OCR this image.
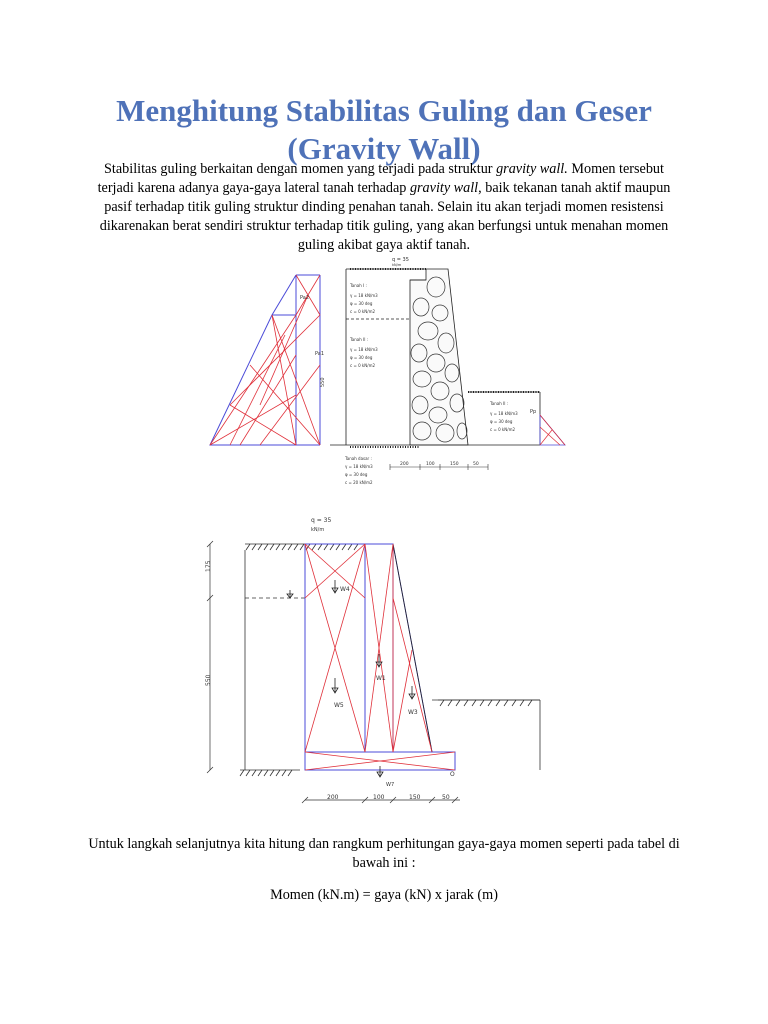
Menghitung Stabilitas Guling dan Geser
(Gravity Wall)
Stabilitas guling berkaitan dengan momen yang terjadi pada struktur gravity wall. Momen tersebut terjadi karena adanya gaya-gaya lateral tanah terhadap gravity wall, baik tekanan tanah aktif maupun pasif terhadap titik guling struktur dinding penahan tanah. Selain itu akan terjadi momen resistensi dikarenakan berat sendiri struktur terhadap titik guling, yang akan berfungsi untuk menahan momen guling akibat gaya aktif tanah.
Pa2
Pa1
550
q = 35
kN/m
Tanah I :
γ = 18 kN/m3
φ = 30 deg
c = 0 kN/m2
Tanah II :
γ = 18 kN/m3
φ = 30 deg
c = 0 kN/m2
Tanah II :
γ = 18 kN/m3
φ = 30 deg
c = 0 kN/m2
Tanah dasar :
γ = 18 kN/m3
φ = 30 deg
c = 20 kN/m2
Pp
200	100	150	50
W4
W1
W5
W3
W7
O
q = 35
kN/m
175
550
200	100	150	50
Untuk langkah selanjutnya kita hitung dan rangkum perhitungan gaya-gaya momen seperti pada tabel di bawah ini :
Momen (kN.m) = gaya (kN) x jarak (m)
